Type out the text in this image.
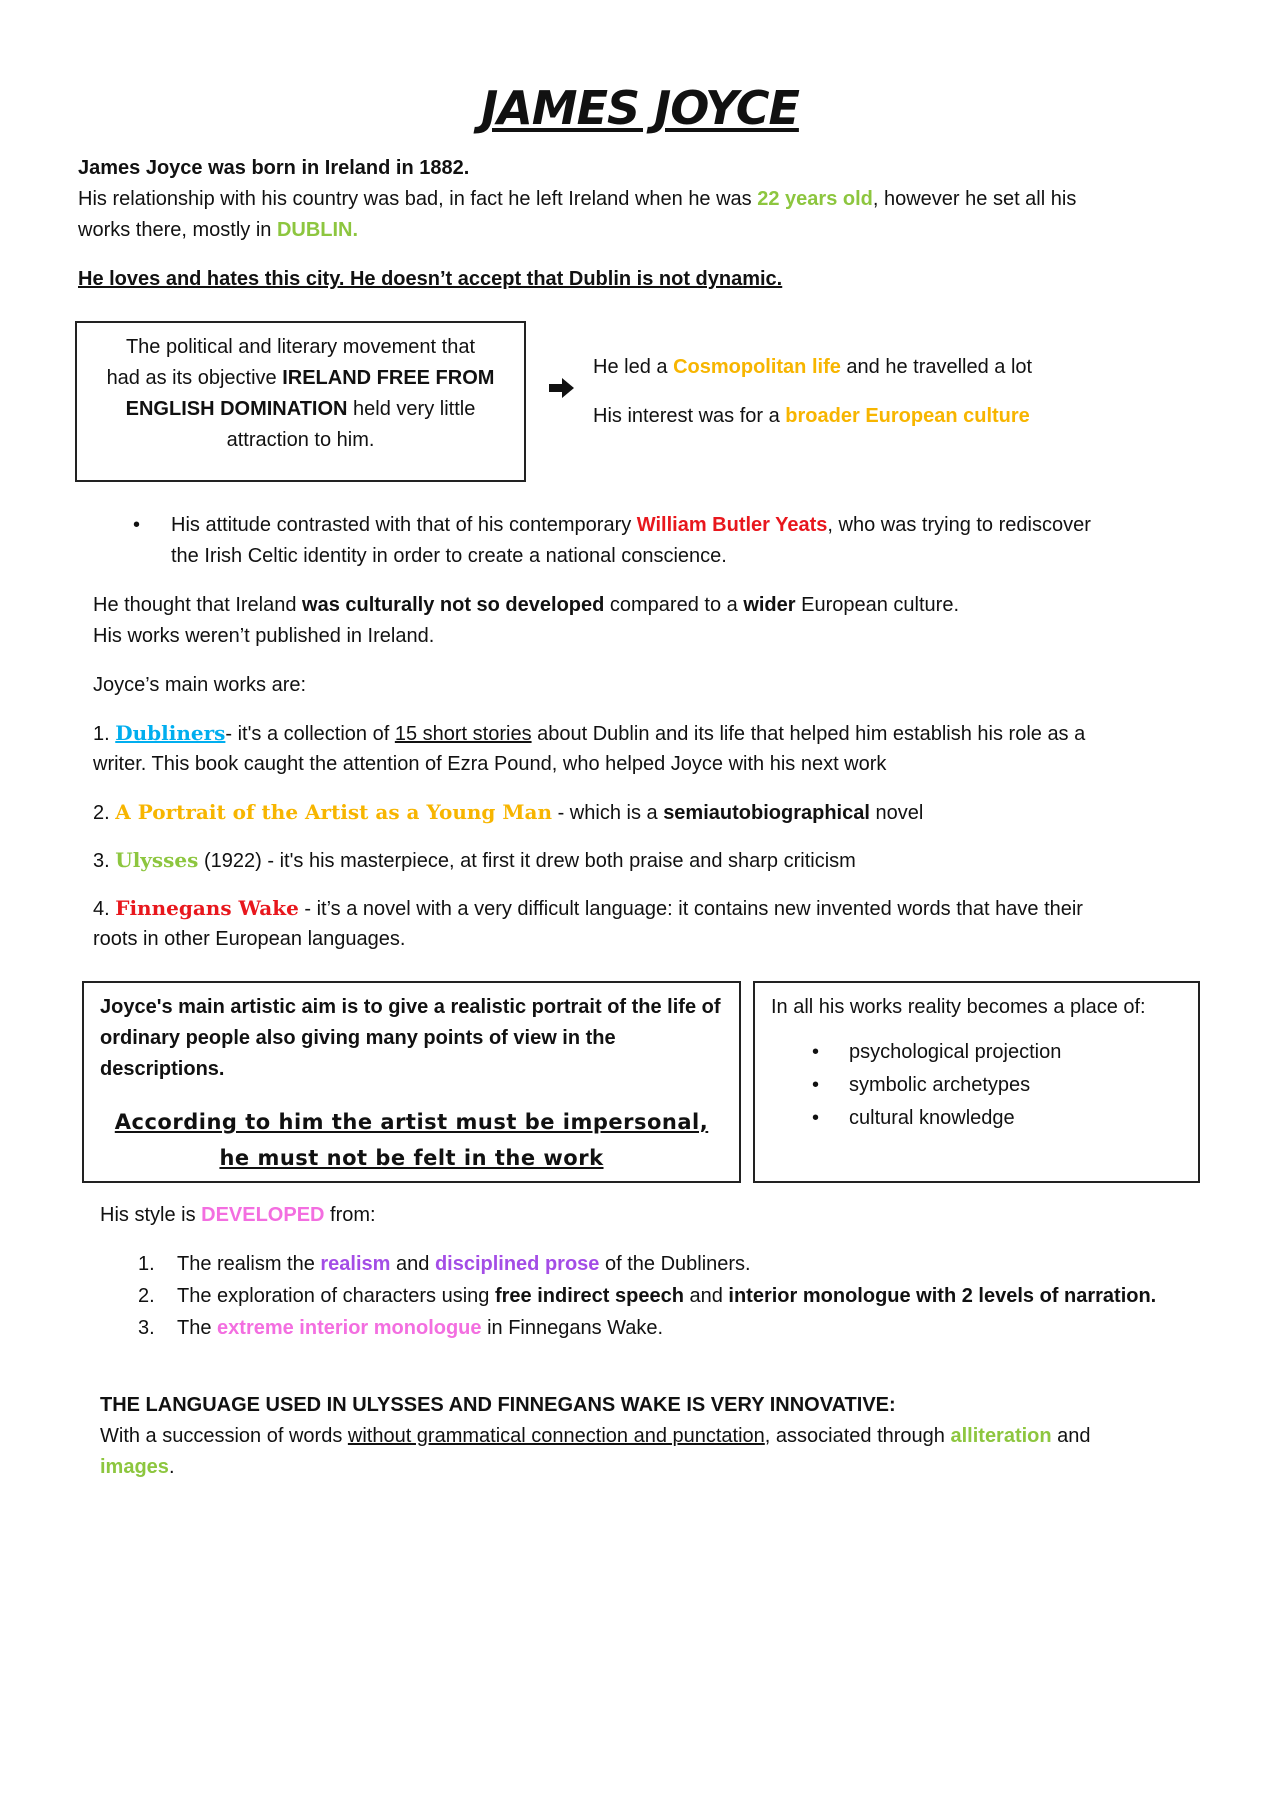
JAMES JOYCE
James Joyce was born in Ireland in 1882.
His relationship with his country was bad, in fact he left Ireland when he was 22 years old, however he set all his
works there, mostly in DUBLIN.
He loves and hates this city. He doesn’t accept that Dublin is not dynamic.
The political and literary movement that
had as its objective IRELAND FREE FROM
ENGLISH DOMINATION held very little
attraction to him.
He led a Cosmopolitan life and he travelled a lot
His interest was for a broader European culture
• His attitude contrasted with that of his contemporary William Butler Yeats, who was trying to rediscover
the Irish Celtic identity in order to create a national conscience.
He thought that Ireland was culturally not so developed compared to a wider European culture.
His works weren’t published in Ireland.
Joyce’s main works are:
1. Dubliners- it's a collection of 15 short stories about Dublin and its life that helped him establish his role as a
writer. This book caught the attention of Ezra Pound, who helped Joyce with his next work
2. A Portrait of the Artist as a Young Man - which is a semiautobiographical novel
3. Ulysses (1922) - it's his masterpiece, at first it drew both praise and sharp criticism
4. Finnegans Wake - it’s a novel with a very difficult language: it contains new invented words that have their
roots in other European languages.
Joyce's main artistic aim is to give a realistic portrait of the life of ordinary people also giving many points of view in the descriptions.
According to him the artist must be impersonal,
he must not be felt in the work
In all his works reality becomes a place of:
• psychological projection
• symbolic archetypes
• cultural knowledge
His style is DEVELOPED from:
1. The realism the realism and disciplined prose of the Dubliners.
2. The exploration of characters using free indirect speech and interior monologue with 2 levels of narration.
3. The extreme interior monologue in Finnegans Wake.
THE LANGUAGE USED IN ULYSSES AND FINNEGANS WAKE IS VERY INNOVATIVE:
With a succession of words without grammatical connection and punctation, associated through alliteration and
images.
